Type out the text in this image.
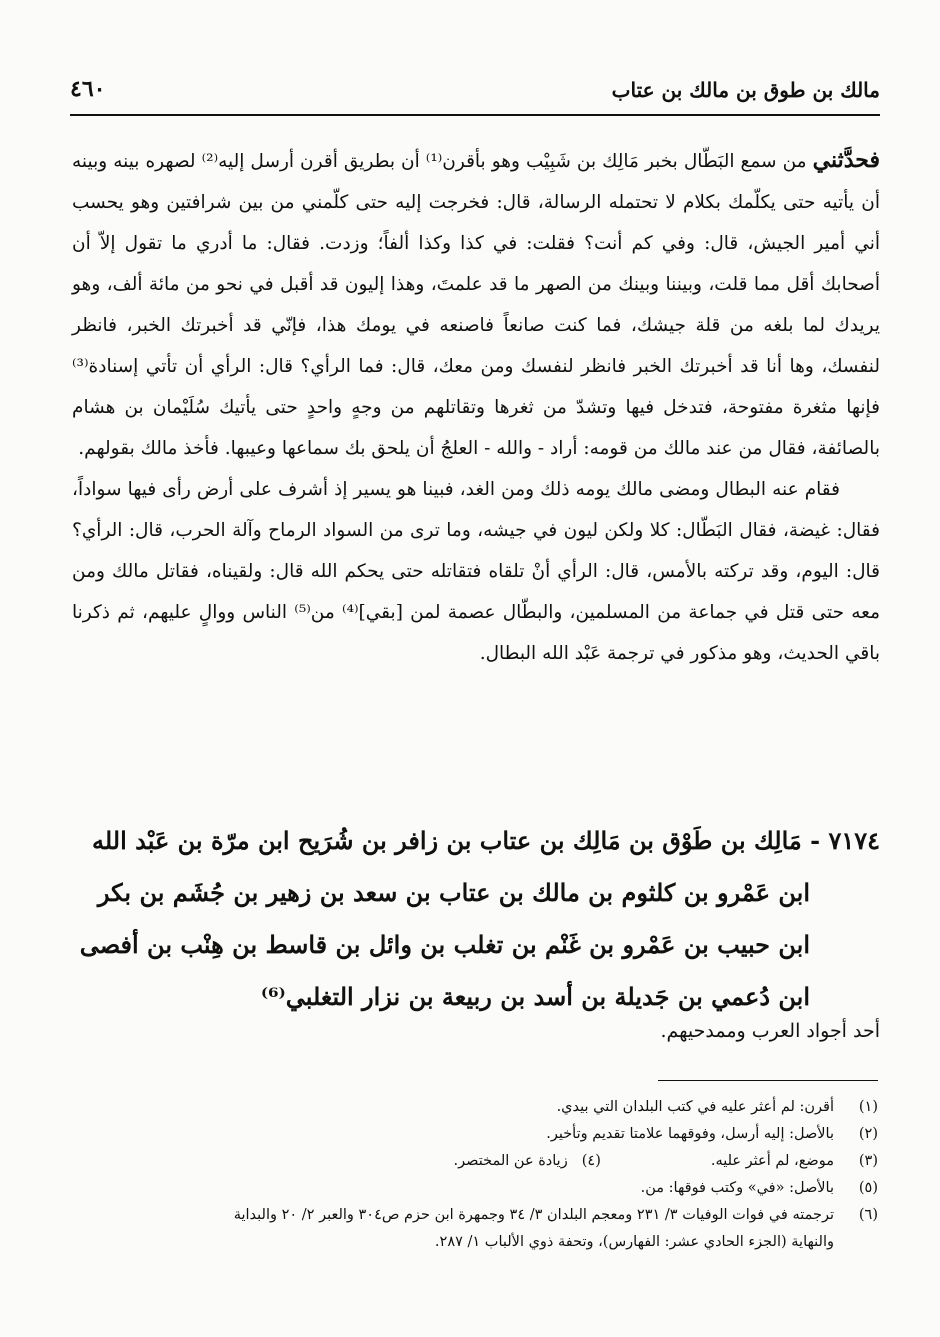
مالك بن طوق بن مالك بن عتاب
٤٦٠

فحدَّثني من سمع البَطّال بخبر مَالِك بن شَبِيْب وهو بأقرن⁽¹⁾ أن بطريق أقرن أرسل إليه⁽²⁾ لصهره بينه وبينه أن يأتيه حتى يكلّمك بكلام لا تحتمله الرسالة، قال: فخرجت إليه حتى كلّمني من بين شرافتين وهو يحسب أني أمير الجيش، قال: وفي كم أنت؟ فقلت: في كذا وكذا ألفاً؛ وزدت. فقال: ما أدري ما تقول إلاّ أن أصحابك أقل مما قلت، وبيننا وبينك من الصهر ما قد علمتَ، وهذا إليون قد أقبل في نحو من مائة ألف، وهو يريدك لما بلغه من قلة جيشك، فما كنت صانعاً فاصنعه في يومك هذا، فإنّي قد أخبرتك الخبر، فانظر لنفسك، وها أنا قد أخبرتك الخبر فانظر لنفسك ومن معك، قال: فما الرأي؟ قال: الرأي أن تأتي إسنادة⁽³⁾ فإنها مثغرة مفتوحة، فتدخل فيها وتشدّ من ثغرها وتقاتلهم من وجهٍ واحدٍ حتى يأتيك سُلَيْمان بن هشام بالصائفة، فقال من عند مالك من قومه: أراد - والله - العلجُ أن يلحق بك سماعها وعيبها. فأخذ مالك بقولهم.

فقام عنه البطال ومضى مالك يومه ذلك ومن الغد، فبينا هو يسير إذ أشرف على أرض رأى فيها سواداً، فقال: غيضة، فقال البَطّال: كلا ولكن ليون في جيشه، وما ترى من السواد الرماح وآلة الحرب، قال: الرأي؟ قال: اليوم، وقد تركته بالأمس، قال: الرأي أنْ تلقاه فتقاتله حتى يحكم الله قال: ولقيناه، فقاتل مالك ومن معه حتى قتل في جماعة من المسلمين، والبطّال عصمة لمن [بقي]⁽⁴⁾ من⁽⁵⁾ الناس ووالٍ عليهم، ثم ذكرنا باقي الحديث، وهو مذكور في ترجمة عَبْد الله البطال.

٧١٧٤ - مَالِك بن طَوْق بن مَالِك بن عتاب بن زافر بن شُرَيح ابن مرّة بن عَبْد الله
ابن عَمْرو بن كلثوم بن مالك بن عتاب بن سعد بن زهير بن جُشَم بن بكر
ابن حبيب بن عَمْرو بن غَنْم بن تغلب بن وائل بن قاسط بن هِنْب بن أفصى
ابن دُعمي بن جَديلة بن أسد بن ربيعة بن نزار التغلبي⁽⁶⁾
أحد أجواد العرب وممدحيهم.
(١)
أقرن: لم أعثر عليه في كتب البلدان التي بيدي.
(٢)
بالأصل: إليه أرسل، وفوقهما علامتا تقديم وتأخير.
(٣)
موضع، لم أعثر عليه.
(٤)
زيادة عن المختصر.
(٥)
بالأصل: «في» وكتب فوقها: من.
(٦)
ترجمته في فوات الوفيات ٣/ ٢٣١ ومعجم البلدان ٣/ ٣٤ وجمهرة ابن حزم ص٣٠٤ والعبر ٢/ ٢٠ والبداية
والنهاية (الجزء الحادي عشر: الفهارس)، وتحفة ذوي الألباب ١/ ٢٨٧.
